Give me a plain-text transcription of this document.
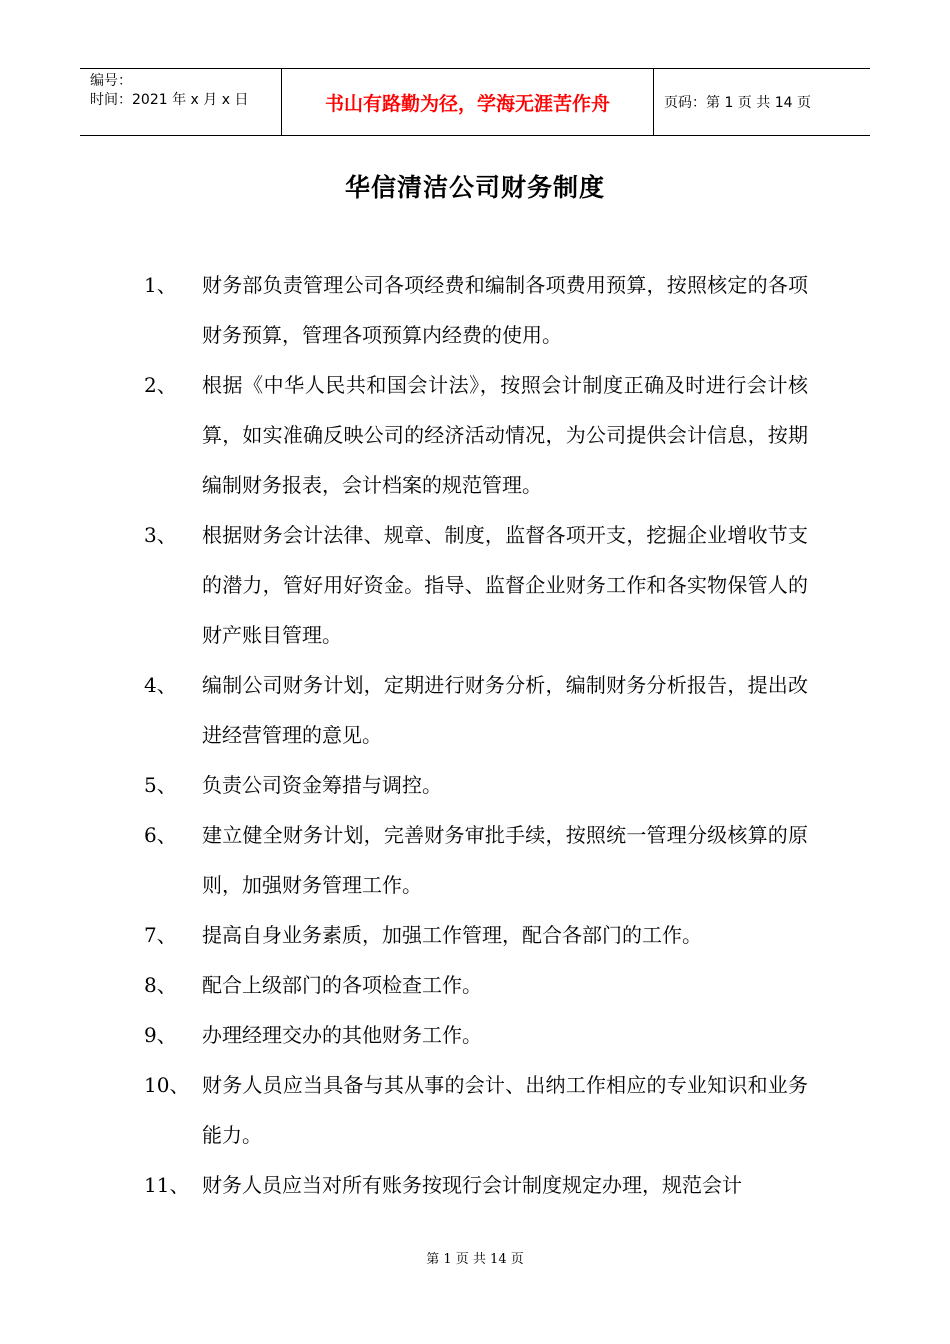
编号：
时间：2021 年 x 月 x 日	书山有路勤为径，学海无涯苦作舟	页码：第 1 页 共 14 页
华信清洁公司财务制度
1、	财务部负责管理公司各项经费和编制各项费用预算，按照核定的各项财务预算，管理各项预算内经费的使用。
2、	根据《中华人民共和国会计法》，按照会计制度正确及时进行会计核算，如实准确反映公司的经济活动情况，为公司提供会计信息，按期编制财务报表，会计档案的规范管理。
3、	根据财务会计法律、规章、制度，监督各项开支，挖掘企业增收节支的潜力，管好用好资金。指导、监督企业财务工作和各实物保管人的财产账目管理。
4、	编制公司财务计划，定期进行财务分析，编制财务分析报告，提出改进经营管理的意见。
5、	负责公司资金筹措与调控。
6、	建立健全财务计划，完善财务审批手续，按照统一管理分级核算的原则，加强财务管理工作。
7、	提高自身业务素质，加强工作管理，配合各部门的工作。
8、	配合上级部门的各项检查工作。
9、	办理经理交办的其他财务工作。
10、 财务人员应当具备与其从事的会计、出纳工作相应的专业知识和业务能力。
11、 财务人员应当对所有账务按现行会计制度规定办理，规范会计
第 1 页 共 14 页
